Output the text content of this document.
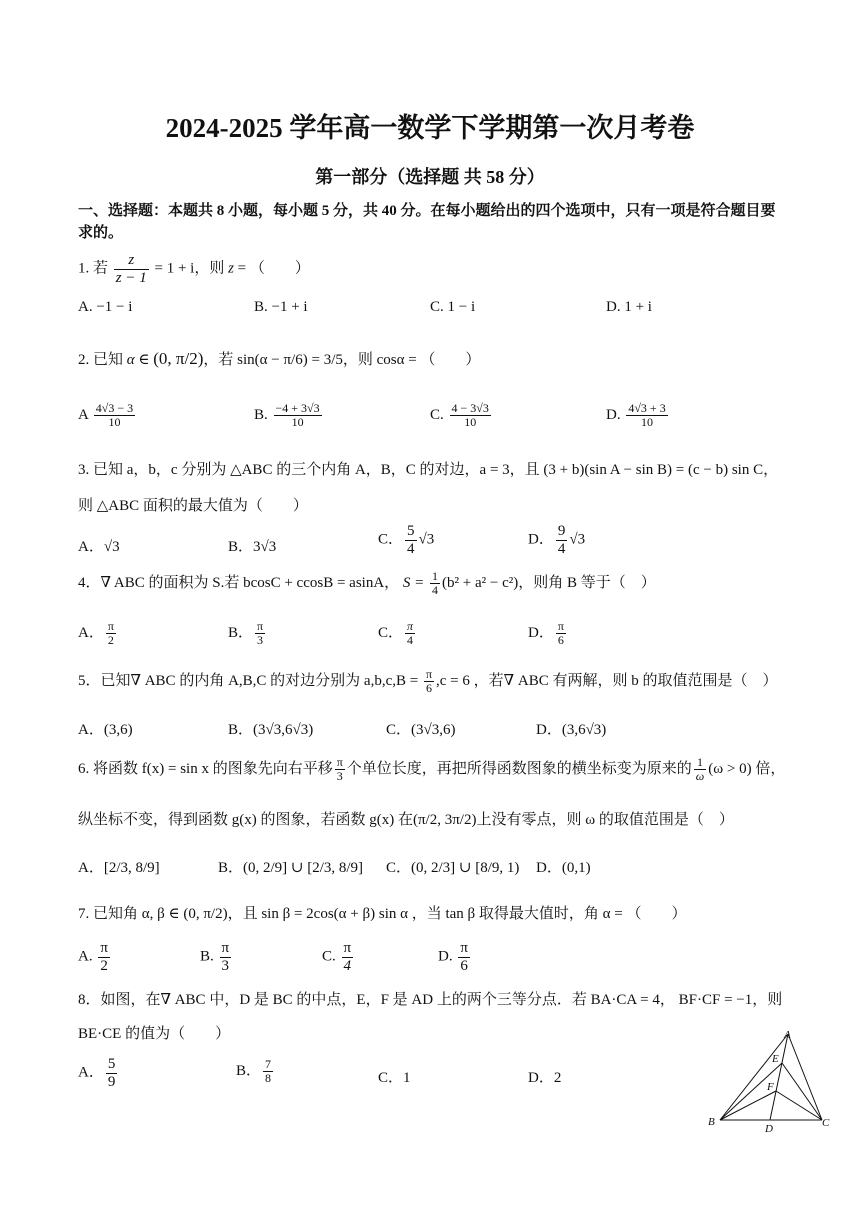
2024-2025 学年高一数学下学期第一次月考卷
第一部分（选择题 共 58 分）
一、选择题：本题共 8 小题，每小题 5 分，共 40 分。在每小题给出的四个选项中，只有一项是符合题目要求的。
1. 若 $\frac{z}{z - 1} = 1 + i$，则 z = （　　）
A. −1 − i	B. −1 + i	C. 1 − i	D. 1 + i
2. 已知 α ∈ (0, π/2)，若 sin(α − π/6) = 3/5，则 cosα = （　　）
A $\frac{4√3 - 3}{10}$	B. $\frac{-4 + 3√3}{10}$	C. $\frac{4 - 3√3}{10}$	D. $\frac{4√3 + 3}{10}$
3. 已知 a，b，c 分别为 △ABC 的三个内角 A，B，C 的对边，a = 3，且 (3 + b)(sin A − sin B) = (c − b) sin C，
则 △ABC 面积的最大值为（　　）
A．√3	B．3√3	C． $\frac{5}{4} √3$	D． $\frac{9}{4} √3$
4．∇ ABC 的面积为 S.若 bcosC + ccosB = asinA， $S = \frac{1}{4} (b^2 + a^2 - c^2)$，则角 B 等于（　）
A． $\frac{\pi}{2}$	B． $\frac{\pi}{3}$	C． $\frac{\pi}{4}$	D． $\frac{\pi}{6}$
5．已知∇ ABC 的内角 A,B,C 的对边分别为 $a,b,c,B = \frac{\pi}{6} ,c = 6$ ，若∇ ABC 有两解，则 b 的取值范围是（　）
A．(3,6)	B．(3√3,6√3)	C．(3√3,6)	D．(3,6√3)
6. 将函数 f(x) = sin x 的图象先向右平移 $\frac{\pi}{3}$ 个单位长度，再把所得函数图象的横坐标变为原来的 $\frac{1}{\omega} (\omega > 0)$ 倍，
纵坐标不变，得到函数 g(x) 的图象，若函数 g(x) 在(π/2, 3π/2)上没有零点，则 ω 的取值范围是（　）
A．[2/3, 8/9]	B．(0, 2/9] ∪ [2/3, 8/9] C．(0, 2/3] ∪ [8/9, 1) D．(0,1)
7. 已知角 α, β ∈ (0, π/2)，且 sin β = 2cos(α + β) sin α ，当 tan β 取得最大值时，角 α = （　　）
A. $\frac{\pi}{2}$	B. $\frac{\pi}{3}$	C. $\frac{\pi}{4}$	D. $\frac{\pi}{6}$
8．如图，在∇ ABC 中，D 是 BC 的中点，E，F 是 AD 上的两个三等分点．若 BA·CA = 4， BF·CF = −1，则
BE·CE 的值为（　　）
A． $\frac{5}{9}$	B． $\frac{7}{8}$	C．1	D．2
A
B	C
D
E
F
